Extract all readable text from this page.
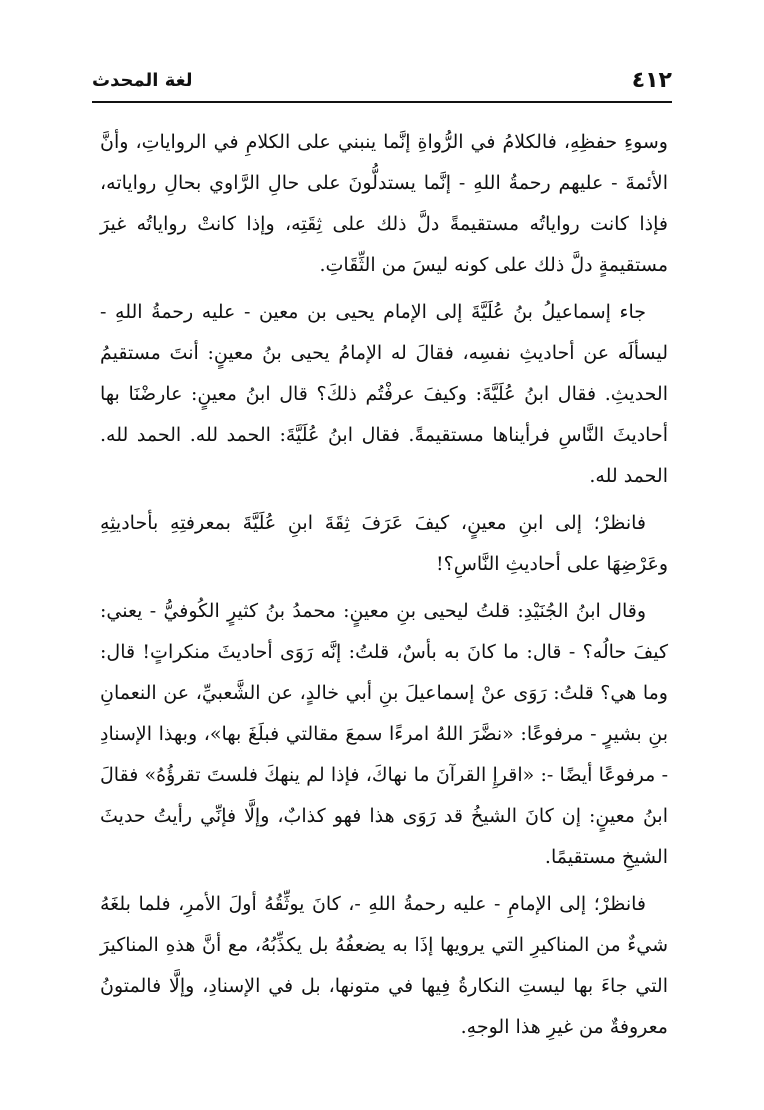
٤١٢
لغة المحدث

وسوءِ حفظِهِ، فالكلامُ في الرُّواةِ إنَّما ينبني على الكلامِ في الرواياتِ، وأنَّ الأئمةَ - عليهم رحمةُ اللهِ - إنَّما يستدلُّونَ على حالِ الرَّاوي بحالِ رواياته، فإذا كانت رواياتُه مستقيمةً دلَّ ذلك على ثِقَتِه، وإذا كانتْ رواياتُه غيرَ مستقيمةٍ دلَّ ذلك على كونه ليسَ من الثِّقَاتِ.

جاء إسماعيلُ بنُ عُلَيَّةَ إلى الإمام يحيى بن معين - عليه رحمةُ اللهِ - ليسألَه عن أحاديثِ نفسِه، فقالَ له الإمامُ يحيى بنُ معينٍ: أنتَ مستقيمُ الحديثِ. فقال ابنُ عُلَيَّةَ: وكيفَ عرفْتُم ذلكَ؟ قال ابنُ معينٍ: عارضْنَا بها أحاديثَ النَّاسِ فرأيناها مستقيمةً. فقال ابنُ عُلَيَّةَ: الحمد لله. الحمد لله. الحمد لله.

فانظرْ؛ إلى ابنِ معينٍ، كيفَ عَرَفَ ثِقَةَ ابنِ عُلَيَّةَ بمعرفتِهِ بأحاديثِهِ وعَرْضِهَا على أحاديثِ النَّاسِ؟!

وقال ابنُ الجُنَيْدِ: قلتُ ليحيى بنِ معينٍ: محمدُ بنُ كثيرٍ الكُوفيُّ - يعني: كيفَ حالُه؟ - قال: ما كانَ به بأسٌ، قلتُ: إنَّه رَوَى أحاديثَ منكراتٍ! قال: وما هي؟ قلتُ: رَوَى عنْ إسماعيلَ بنِ أبي خالدٍ، عن الشَّعبيِّ، عن النعمانِ بنِ بشيرٍ - مرفوعًا: «نضَّرَ اللهُ امرءًا سمعَ مقالتي فبلَغَ بها»، وبهذا الإسنادِ - مرفوعًا أيضًا -: «اقرإِ القرآنَ ما نهاكَ، فإذا لم ينهكَ فلستَ تقرؤُهُ» فقالَ ابنُ معينٍ: إن كانَ الشيخُ قد رَوَى هذا فهو كذابٌ، وإلَّا فإنِّي رأيتُ حديثَ الشيخِ مستقيمًا.

فانظرْ؛ إلى الإمامِ - عليه رحمةُ اللهِ -، كانَ يوثِّقُهُ أولَ الأمرِ، فلما بلغَهُ شيءٌ من المناكيرِ التي يرويها إذَا به يضعفُهُ بل يكذِّبُهُ، مع أنَّ هذهِ المناكيرَ التي جاءَ بها ليستِ النكارةُ فِيها في متونها، بل في الإسنادِ، وإلَّا فالمتونُ معروفةٌ من غيرِ هذا الوجهِ.
